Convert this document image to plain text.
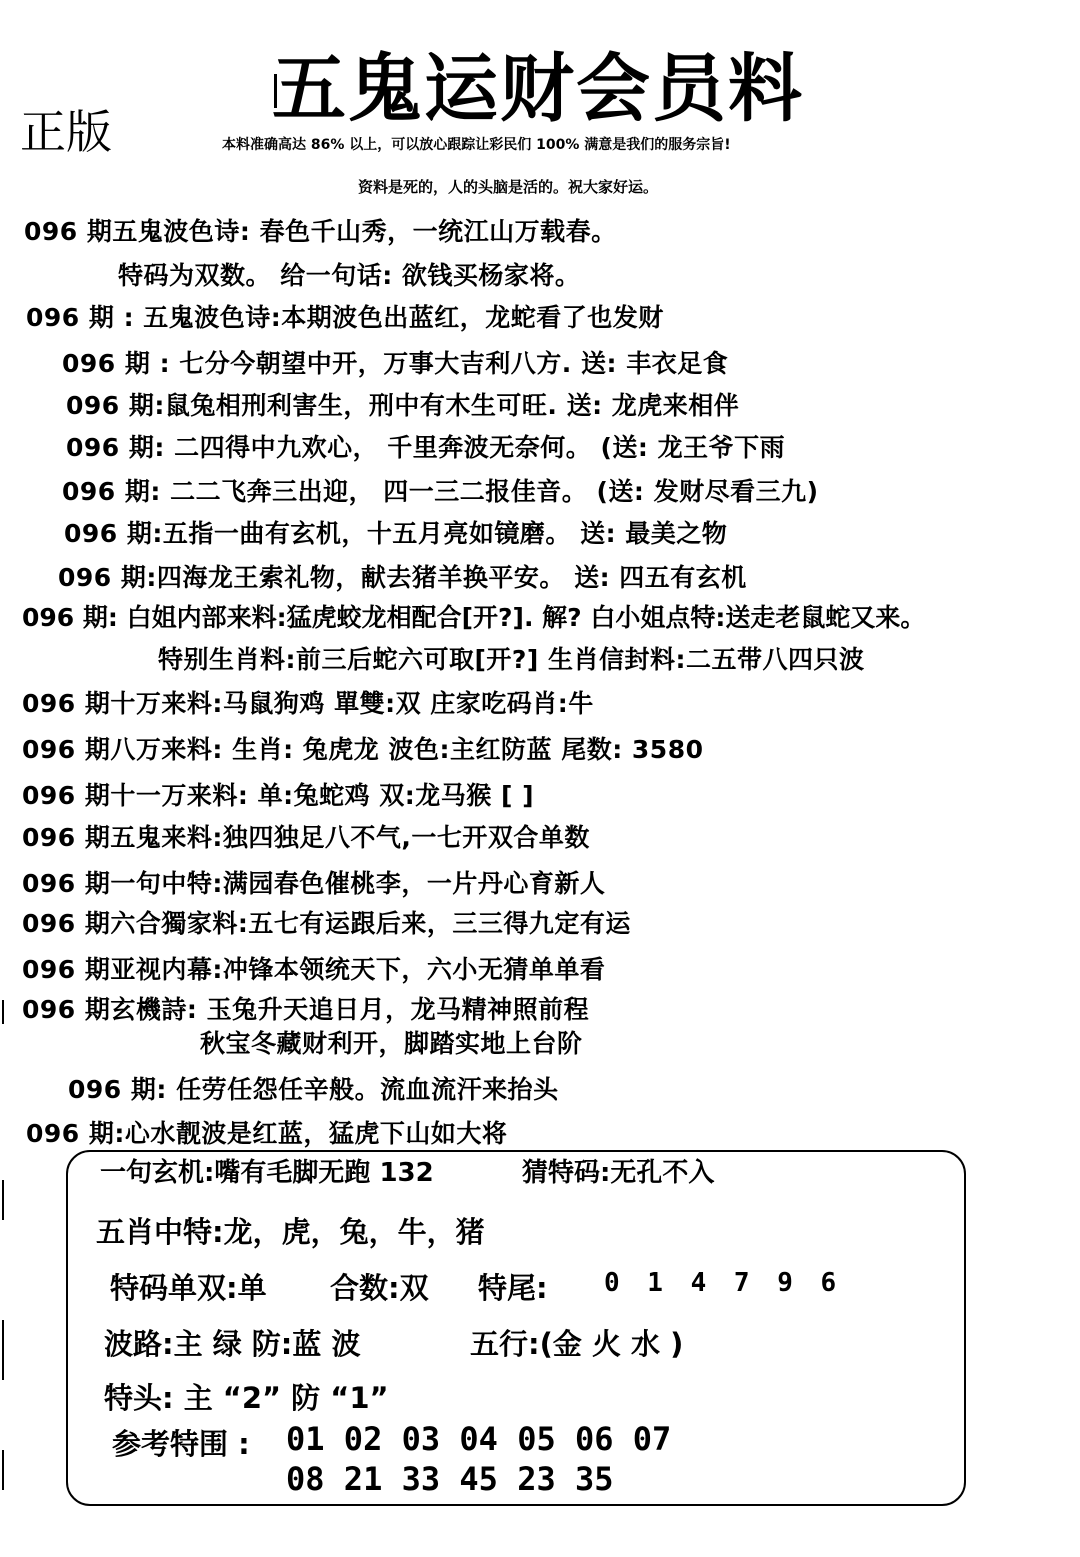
五鬼运财会员料
正版	本料准确高达 86% 以上，可以放心跟踪让彩民们 100% 满意是我们的服务宗旨!
资料是死的，人的头脑是活的。祝大家好运。
096 期五鬼波色诗: 春色千山秀，一统江山万载春。
特码为双数。 给一句话: 欲钱买杨家将。
096 期 : 五鬼波色诗:本期波色出蓝红，龙蛇看了也发财
096 期 : 七分今朝望中开，万事大吉利八方. 送: 丰衣足食
096 期:鼠兔相刑利害生，刑中有木生可旺. 送: 龙虎来相伴
096 期: 二四得中九欢心， 千里奔波无奈何。 (送: 龙王爷下雨
096 期: 二二飞奔三出迎， 四一三二报佳音。 (送: 发财尽看三九)
096 期:五指一曲有玄机，十五月亮如镜磨。 送: 最美之物
096 期:四海龙王索礼物，献去猪羊换平安。 送: 四五有玄机
096 期: 白姐内部来料:猛虎蛟龙相配合[开?]. 解? 白小姐点特:送走老鼠蛇又来。
特别生肖料:前三后蛇六可取[开?] 生肖信封料:二五带八四只波
096 期十万来料:马鼠狗鸡 單雙:双 庄家吃码肖:牛
096 期八万来料: 生肖: 兔虎龙 波色:主红防蓝 尾数: 3580
096 期十一万来料: 单:兔蛇鸡 双:龙马猴 [ ]
096 期五鬼来料:独四独足八不气,一七开双合单数
096 期一句中特:满园春色催桃李，一片丹心育新人
096 期六合獨家料:五七有运跟后来，三三得九定有运
096 期亚视内幕:冲锋本领统天下，六小无猜单单看
096 期玄機詩: 玉兔升天追日月，龙马精神照前程
秋宝冬藏财利开，脚踏实地上台阶
096 期: 任劳任怨任辛般。流血流汗来抬头
096 期:心水靓波是红蓝，猛虎下山如大将
一句玄机:嘴有毛脚无跑 132	猜特码:无孔不入
五肖中特:龙，虎，兔，牛，猪
特码单双:单 合数:双 特尾: 0 1 4 7 9 6
波路:主 绿 防:蓝 波	五行:(金 火 水 )
特头: 主 “2” 防 “1”
参考特围 : 01 02 03 04 05 06 07
08 21 33 45 23 35
